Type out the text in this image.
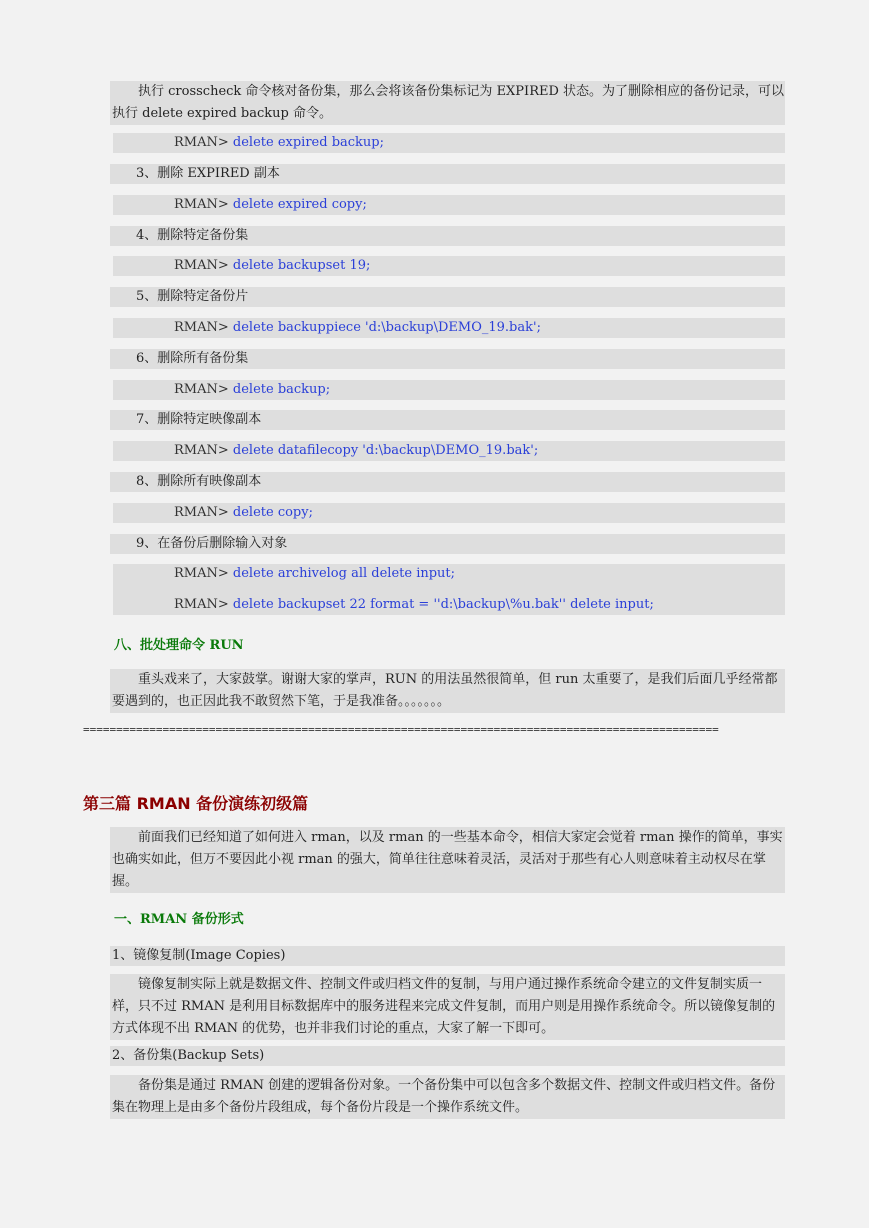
执行 crosscheck 命令核对备份集，那么会将该备份集标记为 EXPIRED 状态。为了删除相应的备份记录，可以执行 delete expired backup 命令。
RMAN> delete expired backup;
3、删除 EXPIRED 副本
RMAN> delete expired copy;
4、删除特定备份集
RMAN> delete backupset 19;
5、删除特定备份片
RMAN> delete backuppiece 'd:\backup\DEMO_19.bak';
6、删除所有备份集
RMAN> delete backup;
7、删除特定映像副本
RMAN> delete datafilecopy 'd:\backup\DEMO_19.bak';
8、删除所有映像副本
RMAN> delete copy;
9、在备份后删除输入对象
RMAN> delete archivelog all delete input;
RMAN> delete backupset 22 format = ''d:\backup\%u.bak'' delete input;
八、批处理命令 RUN
重头戏来了，大家鼓掌。谢谢大家的掌声，RUN 的用法虽然很简单，但 run 太重要了，是我们后面几乎经常都要遇到的，也正因此我不敢贸然下笔，于是我准备。。。。。。。
================================================================================================
第三篇 RMAN 备份演练初级篇
前面我们已经知道了如何进入 rman，以及 rman 的一些基本命令，相信大家定会觉着 rman 操作的简单，事实也确实如此，但万不要因此小视 rman 的强大，简单往往意味着灵活，灵活对于那些有心人则意味着主动权尽在掌握。
一、RMAN 备份形式
1、镜像复制(Image Copies)
镜像复制实际上就是数据文件、控制文件或归档文件的复制，与用户通过操作系统命令建立的文件复制实质一样，只不过 RMAN 是利用目标数据库中的服务进程来完成文件复制，而用户则是用操作系统命令。所以镜像复制的方式体现不出 RMAN 的优势，也并非我们讨论的重点，大家了解一下即可。
2、备份集(Backup Sets)
备份集是通过 RMAN 创建的逻辑备份对象。一个备份集中可以包含多个数据文件、控制文件或归档文件。备份集在物理上是由多个备份片段组成，每个备份片段是一个操作系统文件。
